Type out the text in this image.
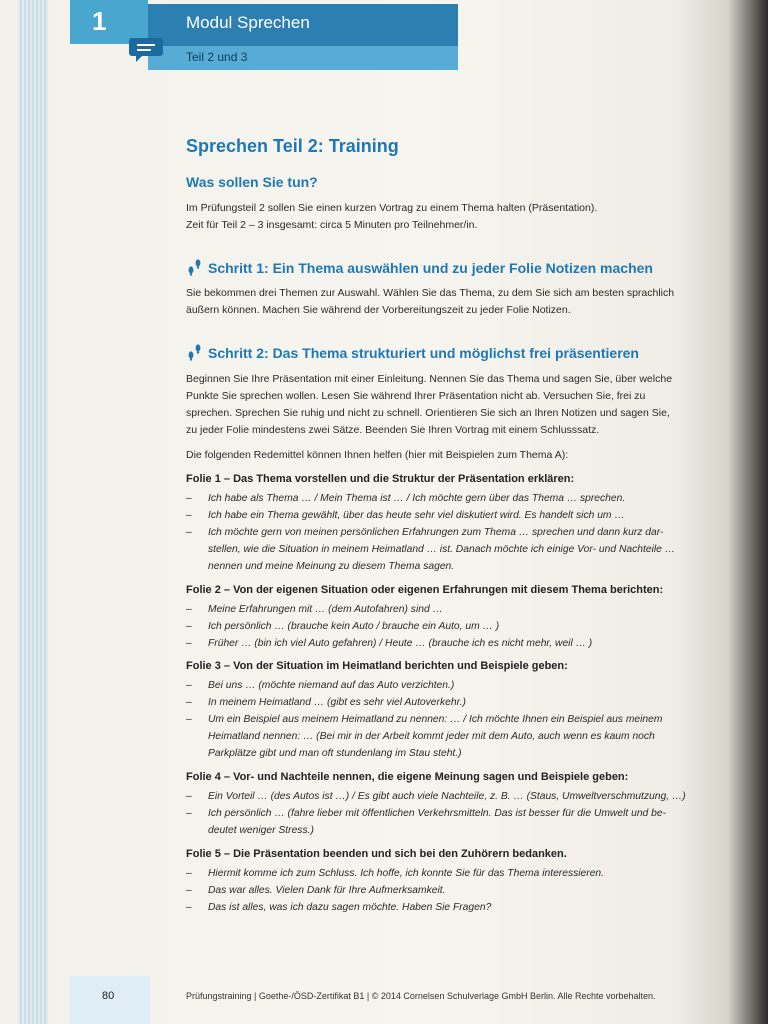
1	Modul Sprechen
Teil 2 und 3
Sprechen Teil 2: Training
Was sollen Sie tun?
Im Prüfungsteil 2 sollen Sie einen kurzen Vortrag zu einem Thema halten (Präsentation).
Zeit für Teil 2 – 3 insgesamt: circa 5 Minuten pro Teilnehmer/in.
Schritt 1: Ein Thema auswählen und zu jeder Folie Notizen machen
Sie bekommen drei Themen zur Auswahl. Wählen Sie das Thema, zu dem Sie sich am besten sprachlich
äußern können. Machen Sie während der Vorbereitungszeit zu jeder Folie Notizen.
Schritt 2: Das Thema strukturiert und möglichst frei präsentieren
Beginnen Sie Ihre Präsentation mit einer Einleitung. Nennen Sie das Thema und sagen Sie, über welche
Punkte Sie sprechen wollen. Lesen Sie während Ihrer Präsentation nicht ab. Versuchen Sie, frei zu
sprechen. Sprechen Sie ruhig und nicht zu schnell. Orientieren Sie sich an Ihren Notizen und sagen Sie,
zu jeder Folie mindestens zwei Sätze. Beenden Sie Ihren Vortrag mit einem Schlusssatz.
Die folgenden Redemittel können Ihnen helfen (hier mit Beispielen zum Thema A):
Folie 1 – Das Thema vorstellen und die Struktur der Präsentation erklären:
– Ich habe als Thema … / Mein Thema ist … / Ich möchte gern über das Thema … sprechen.
– Ich habe ein Thema gewählt, über das heute sehr viel diskutiert wird. Es handelt sich um …
– Ich möchte gern von meinen persönlichen Erfahrungen zum Thema … sprechen und dann kurz dar-
stellen, wie die Situation in meinem Heimatland … ist. Danach möchte ich einige Vor- und Nachteile …
nennen und meine Meinung zu diesem Thema sagen.
Folie 2 – Von der eigenen Situation oder eigenen Erfahrungen mit diesem Thema berichten:
– Meine Erfahrungen mit … (dem Autofahren) sind …
– Ich persönlich … (brauche kein Auto / brauche ein Auto, um … )
– Früher … (bin ich viel Auto gefahren) / Heute … (brauche ich es nicht mehr, weil … )
Folie 3 – Von der Situation im Heimatland berichten und Beispiele geben:
– Bei uns … (möchte niemand auf das Auto verzichten.)
– In meinem Heimatland … (gibt es sehr viel Autoverkehr.)
– Um ein Beispiel aus meinem Heimatland zu nennen: … / Ich möchte Ihnen ein Beispiel aus meinem
Heimatland nennen: … (Bei mir in der Arbeit kommt jeder mit dem Auto, auch wenn es kaum noch
Parkplätze gibt und man oft stundenlang im Stau steht.)
Folie 4 – Vor- und Nachteile nennen, die eigene Meinung sagen und Beispiele geben:
– Ein Vorteil … (des Autos ist …) / Es gibt auch viele Nachteile, z. B. … (Staus, Umweltverschmutzung, …)
– Ich persönlich … (fahre lieber mit öffentlichen Verkehrsmitteln. Das ist besser für die Umwelt und be-
deutet weniger Stress.)
Folie 5 – Die Präsentation beenden und sich bei den Zuhörern bedanken.
– Hiermit komme ich zum Schluss. Ich hoffe, ich konnte Sie für das Thema interessieren.
– Das war alles. Vielen Dank für Ihre Aufmerksamkeit.
– Das ist alles, was ich dazu sagen möchte. Haben Sie Fragen?
80	Prüfungstraining | Goethe-/ÖSD-Zertifikat B1 | © 2014 Cornelsen Schulverlage GmbH Berlin. Alle Rechte vorbehalten.
